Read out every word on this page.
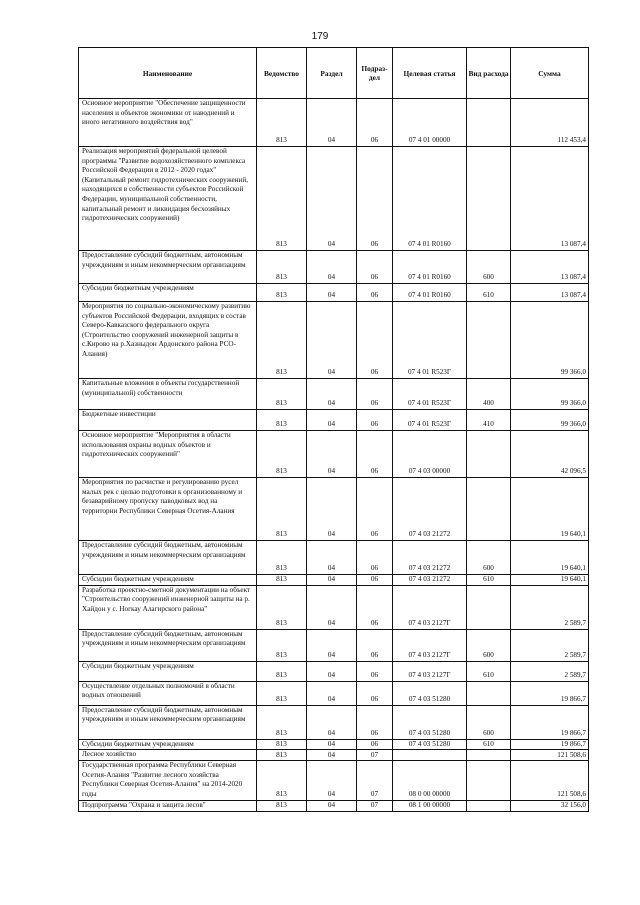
179
Наименование	Ведомство	Раздел	Подраз-дел	Целевая статья	Вид расхода	Сумма
Основное мероприятие "Обеспечение защищенности населения и объектов экономики от наводнений и иного негативного воздействия вод"	813	04	06	07 4 01 00000		112 453,4
Реализация мероприятий федеральной целевой программы "Развитие водохозяйственного комплекса Российской Федерации в 2012 - 2020 годах" (Капитальный ремонт гидротехнических сооружений, находящихся в собственности субъектов Российской Федерации, муниципальной собственности, капитальный ремонт и ликвидация бесхозяйных гидротехнических сооружений)	813	04	06	07 4 01 R0160		13 087,4
Предоставление субсидий бюджетным, автономным учреждениям и иным некоммерческим организациям	813	04	06	07 4 01 R0160	600	13 087,4
Субсидии бюджетным учреждениям	813	04	06	07 4 01 R0160	610	13 087,4
Мероприятия по социально-экономическому развитию субъектов Российской Федерации, входящих в состав Северо-Кавказского федерального округа (Строительство сооружений инженерной защиты в с.Кирово на р.Хазныдон Ардонского района РСО-Алания)	813	04	06	07 4 01 R523Г		99 366,0
Капитальные вложения в объекты государственной (муниципальной) собственности	813	04	06	07 4 01 R523Г	400	99 366,0
Бюджетные инвестиции	813	04	06	07 4 01 R523Г	410	99 366,0
Основное мероприятие "Мероприятия в области использования охраны водных объектов и гидротехнических сооружений"	813	04	06	07 4 03 00000		42 096,5
Мероприятия по расчистке и регулированию русел малых рек с целью подготовки к организованному и безаварийному пропуску паводковых вод на территории Республики Северная Осетия-Алания	813	04	06	07 4 03 21272		19 640,1
Предоставление субсидий бюджетным, автономным учреждениям и иным некоммерческим организациям	813	04	06	07 4 03 21272	600	19 640,1
Субсидии бюджетным учреждениям	813	04	06	07 4 03 21272	610	19 640,1
Разработка проектно-сметной документации на объект "Строительство сооружений инженерной защиты на р. Хайдон у с. Ногкау Алагирского района"	813	04	06	07 4 03 2127Г		2 589,7
Предоставление субсидий бюджетным, автономным учреждениям и иным некоммерческим организациям	813	04	06	07 4 03 2127Г	600	2 589,7
Субсидии бюджетным учреждениям	813	04	06	07 4 03 2127Г	610	2 589,7
Осуществление отдельных полномочий в области водных отношений	813	04	06	07 4 03 51280		19 866,7
Предоставление субсидий бюджетным, автономным учреждениям и иным некоммерческим организациям	813	04	06	07 4 03 51280	600	19 866,7
Субсидии бюджетным учреждениям	813	04	06	07 4 03 51280	610	19 866,7
Лесное хозяйство	813	04	07			121 508,6
Государственная программа Республики Северная Осетия-Алания "Развитие лесного хозяйства Республики Северная Осетия-Алания" на 2014-2020 годы	813	04	07	08 0 00 00000		121 508,6
Подпрограмма "Охрана и защита лесов"	813	04	07	08 1 00 00000		32 156,0
